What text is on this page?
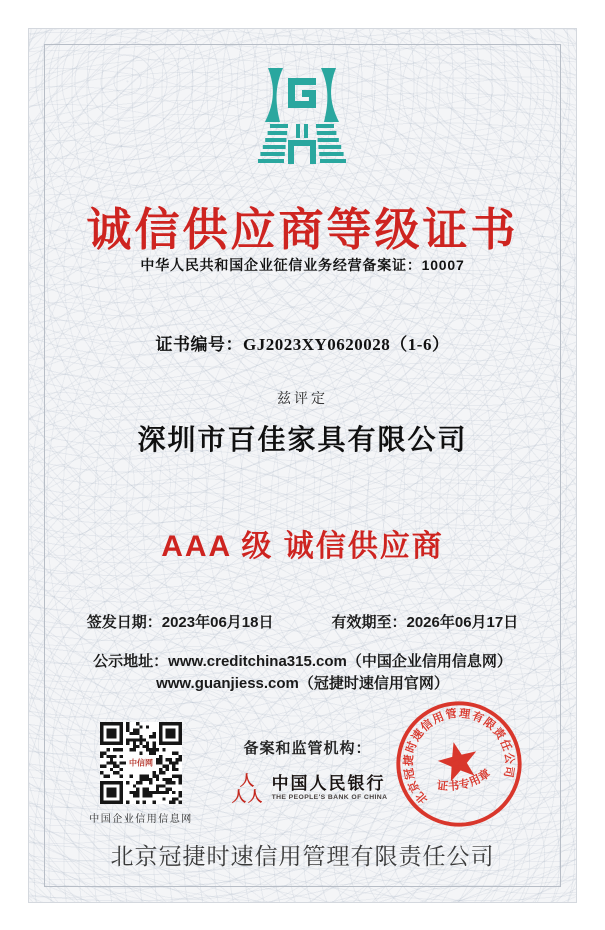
诚信供应商等级证书
中华人民共和国企业征信业务经营备案证：10007
证书编号：GJ2023XY0620028（1-6）
兹评定
深圳市百佳家具有限公司
AAA 级 诚信供应商
签发日期：2023年06月18日	有效期至：2026年06月17日
公示地址：www.creditchina315.com（中国企业信用信息网）
www.guanjiess.com（冠捷时速信用官网）
中信网
中国企业信用信息网
备案和监管机构：
人
人 人
中国人民银行
THE PEOPLE'S BANK OF CHINA	北京冠捷时速信用管理有限责任公司
证书专用章
北京冠捷时速信用管理有限责任公司
